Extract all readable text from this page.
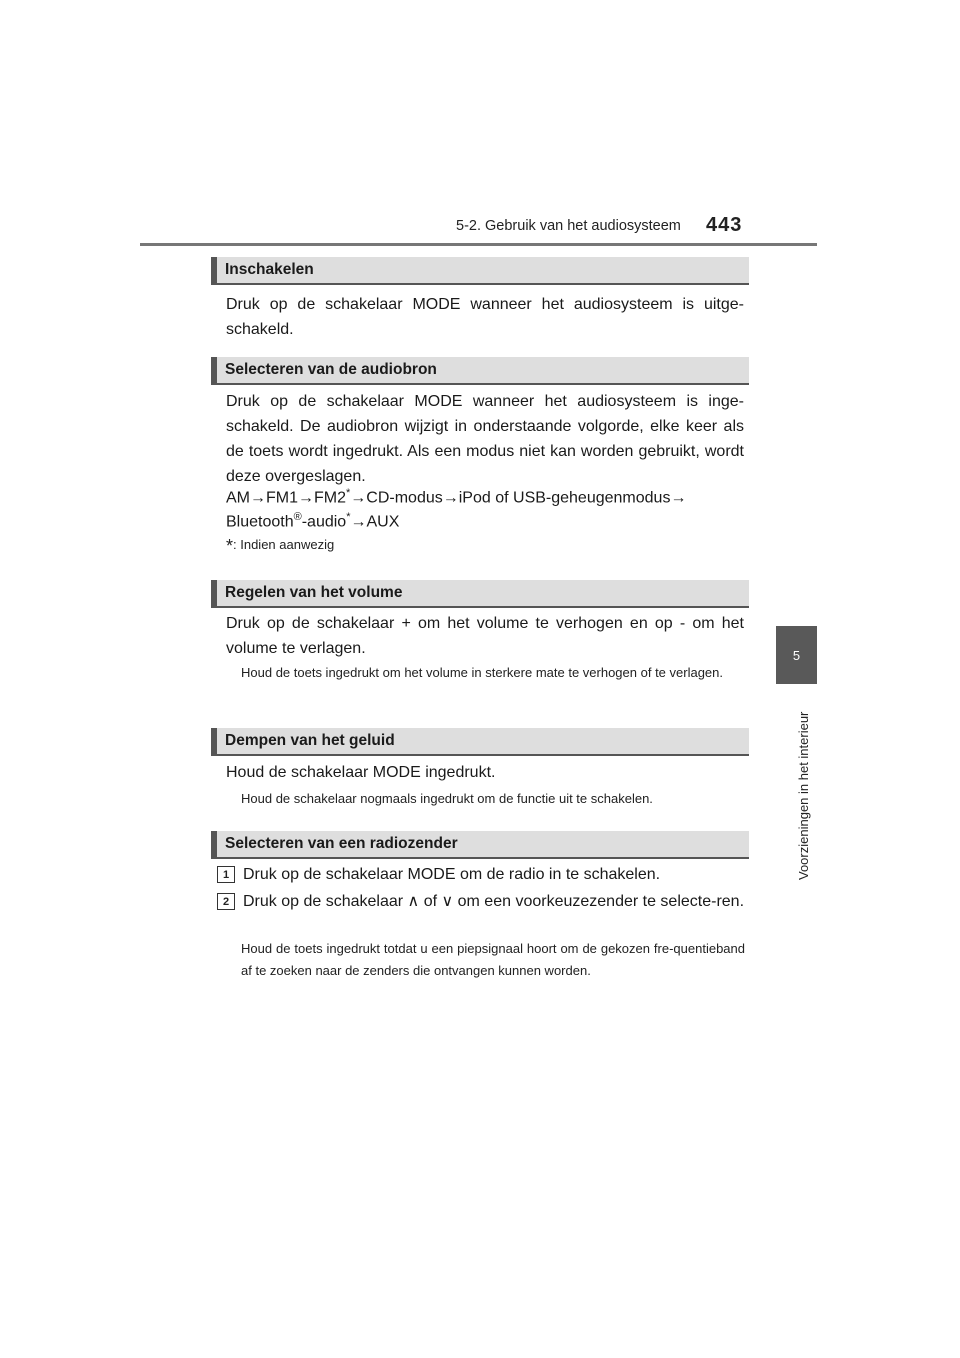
5-2. Gebruik van het audiosysteem 443
5
Voorzieningen in het interieur
Inschakelen
Druk op de schakelaar MODE wanneer het audiosysteem is uitge-schakeld.
Selecteren van de audiobron
Druk op de schakelaar MODE wanneer het audiosysteem is inge-schakeld. De audiobron wijzigt in onderstaande volgorde, elke keer als de toets wordt ingedrukt. Als een modus niet kan worden gebruikt, wordt deze overgeslagen.
AM→FM1→FM2*→CD-modus→iPod of USB-geheugenmodus→
Bluetooth®-audio*→AUX
*: Indien aanwezig
Regelen van het volume
Druk op de schakelaar + om het volume te verhogen en op - om het volume te verlagen.
Houd de toets ingedrukt om het volume in sterkere mate te verhogen of te verlagen.
Dempen van het geluid
Houd de schakelaar MODE ingedrukt.
Houd de schakelaar nogmaals ingedrukt om de functie uit te schakelen.
Selecteren van een radiozender
1 Druk op de schakelaar MODE om de radio in te schakelen.
2 Druk op de schakelaar ∧ of ∨ om een voorkeuzezender te selecte-ren.
Houd de toets ingedrukt totdat u een piepsignaal hoort om de gekozen fre-quentieband af te zoeken naar de zenders die ontvangen kunnen worden.
